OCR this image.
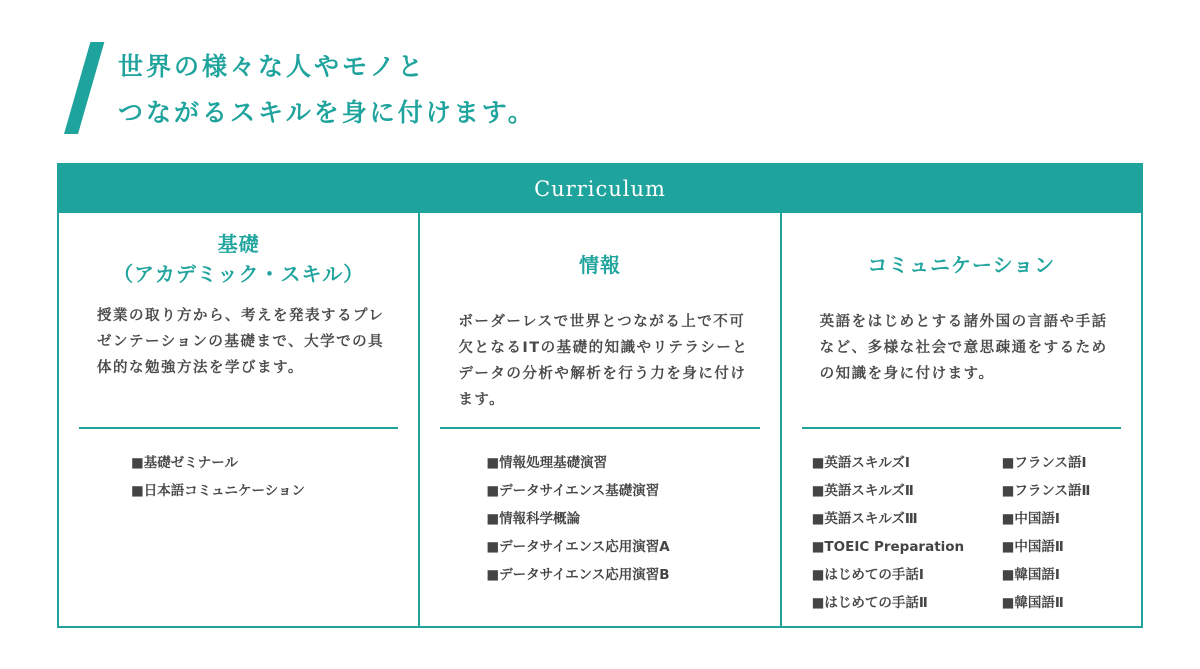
世界の様々な人やモノと
つながるスキルを身に付けます。
Curriculum
基礎
（アカデミック・スキル）
授業の取り方から、考えを発表するプレゼンテーションの基礎まで、大学での具体的な勉強方法を学びます。
■基礎ゼミナール
■日本語コミュニケーション
情報
ボーダーレスで世界とつながる上で不可欠となるITの基礎的知識やリテラシーとデータの分析や解析を行う力を身に付けます。
■情報処理基礎演習
■データサイエンス基礎演習
■情報科学概論
■データサイエンス応用演習A
■データサイエンス応用演習B
コミュニケーション
英語をはじめとする諸外国の言語や手話など、多様な社会で意思疎通をするための知識を身に付けます。
■英語スキルズⅠ
■英語スキルズⅡ
■英語スキルズⅢ
■TOEIC Preparation
■はじめての手話Ⅰ
■はじめての手話Ⅱ
■フランス語Ⅰ
■フランス語Ⅱ
■中国語Ⅰ
■中国語Ⅱ
■韓国語Ⅰ
■韓国語Ⅱ
